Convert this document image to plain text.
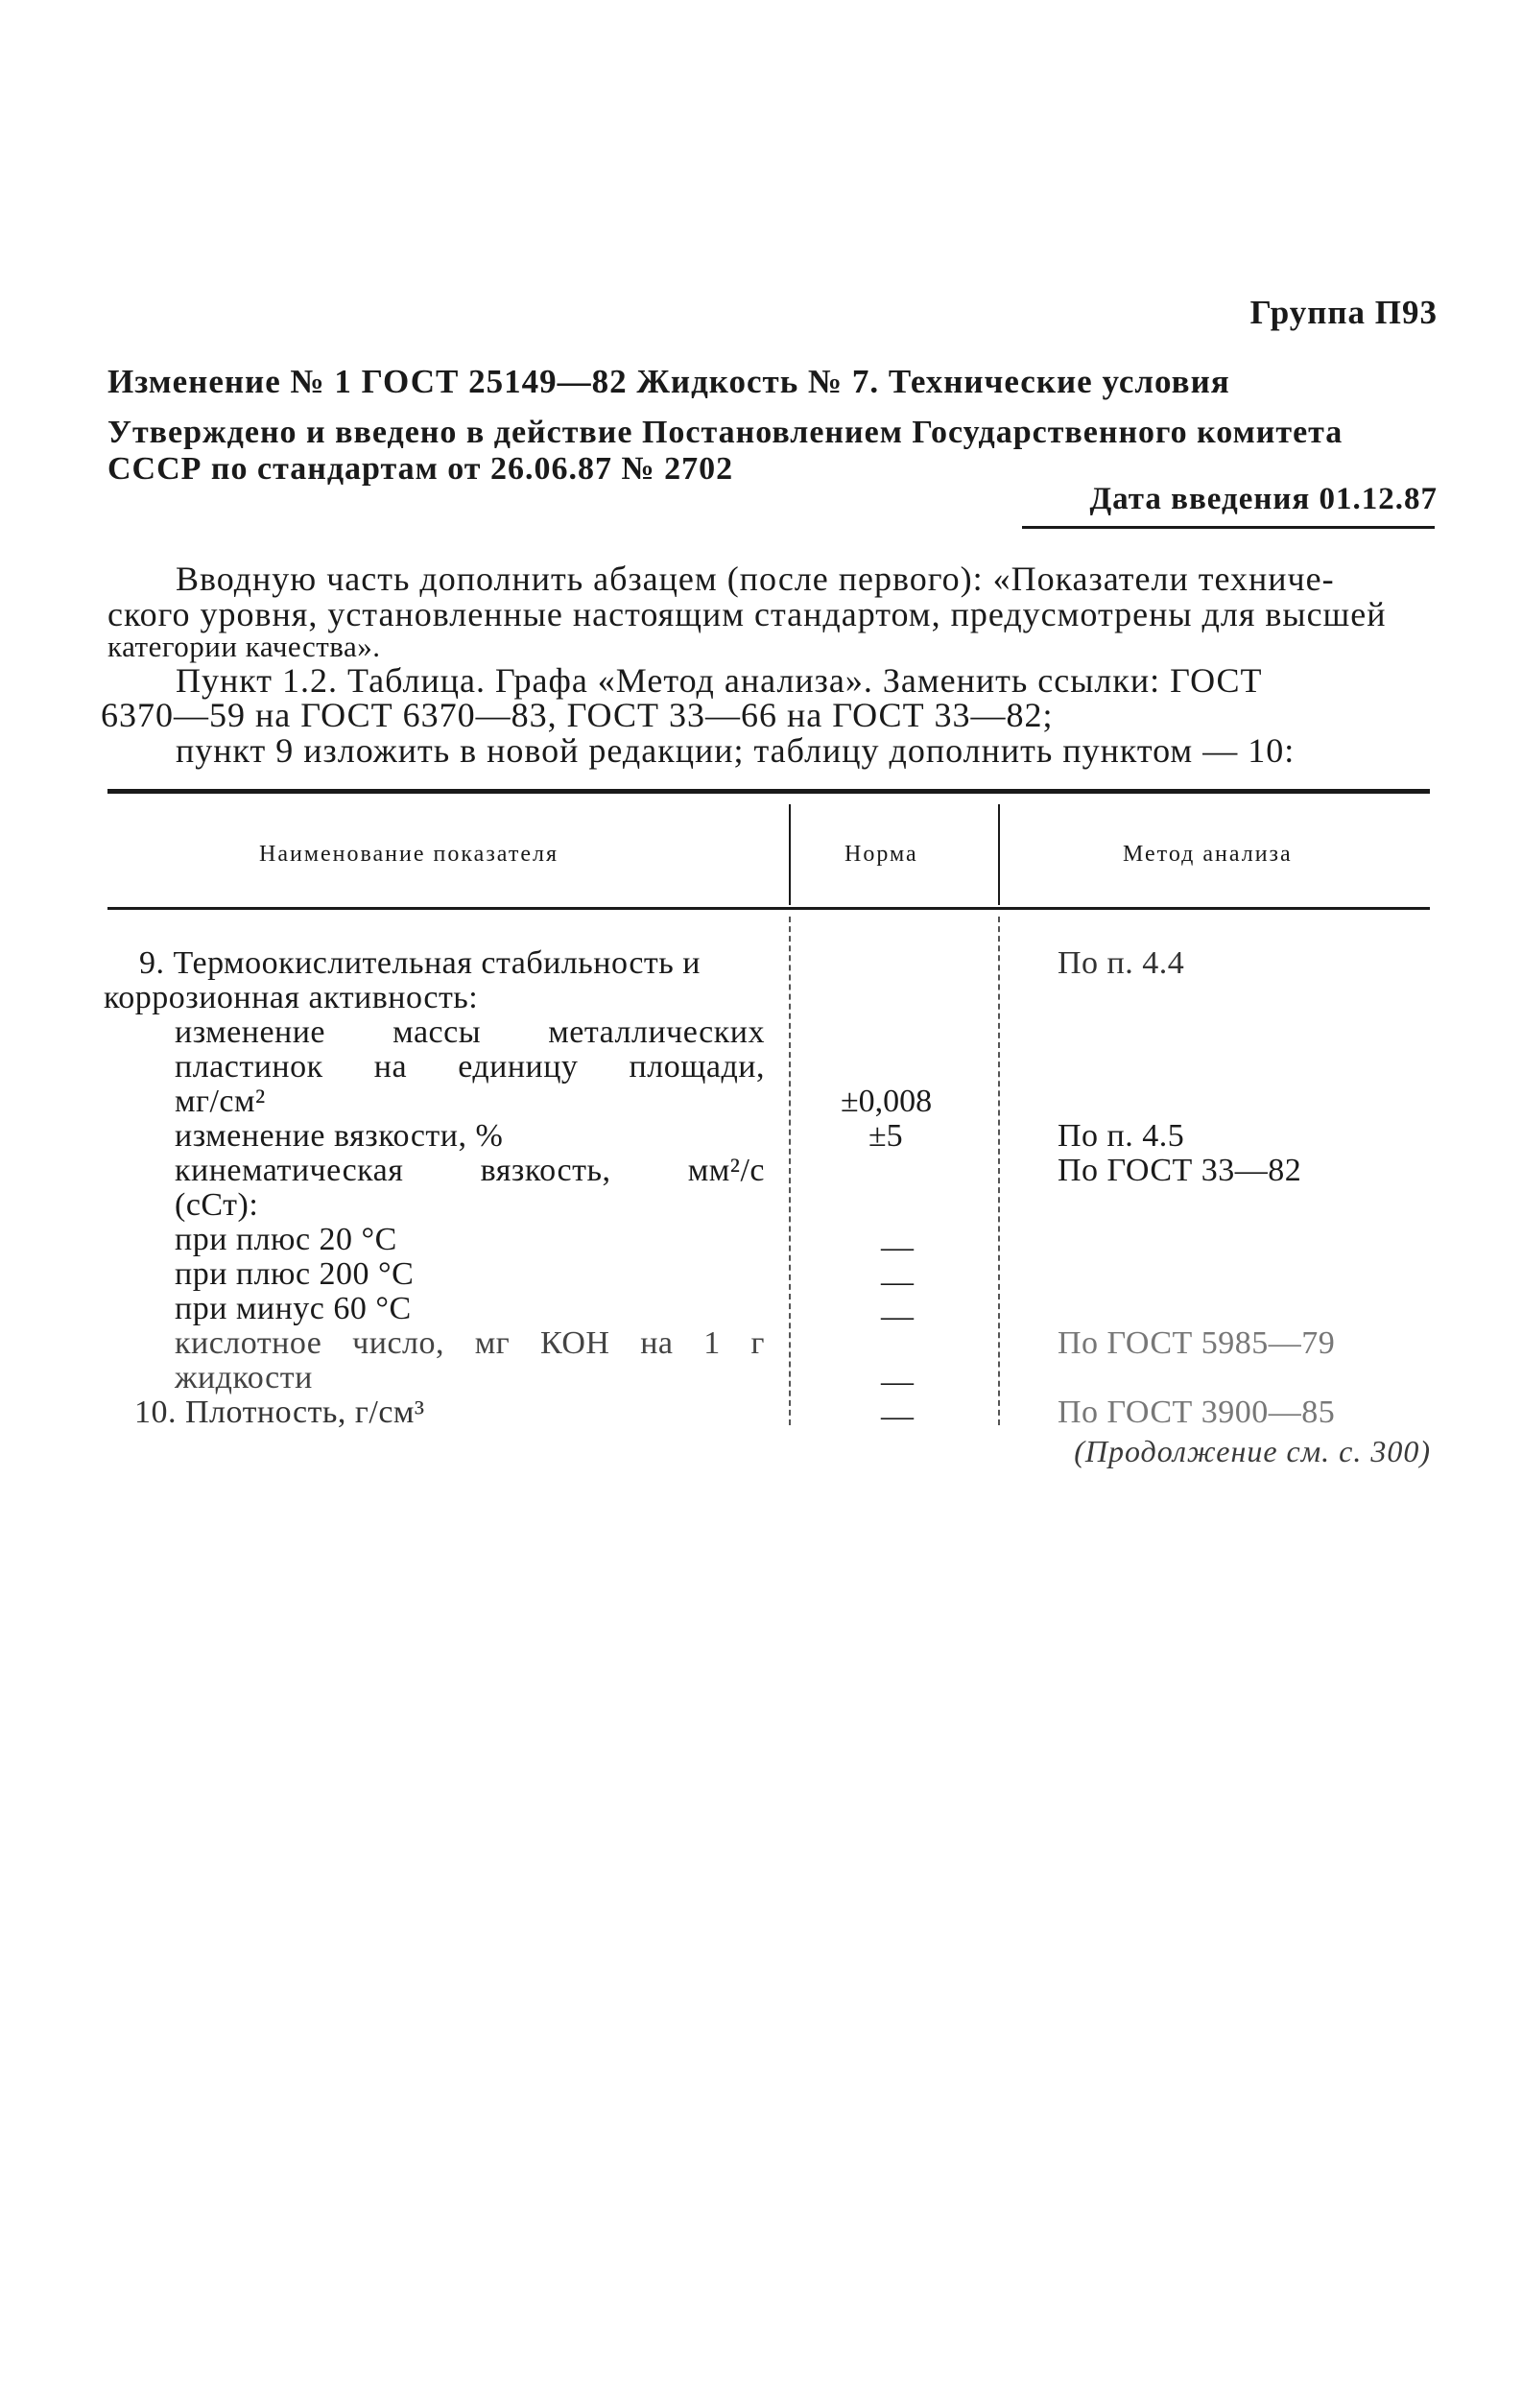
Группа П93
Изменение № 1 ГОСТ 25149—82 Жидкость № 7. Технические условия
Утверждено и введено в действие Постановлением Государственного комитета
СССР по стандартам от 26.06.87 № 2702
Дата введения 01.12.87
Вводную часть дополнить абзацем (после первого): «Показатели техниче-
ского уровня, установленные настоящим стандартом, предусмотрены для высшей
категории качества».
Пункт 1.2. Таблица. Графа «Метод анализа». Заменить ссылки: ГОСТ
6370—59 на ГОСТ 6370—83, ГОСТ 33—66 на ГОСТ 33—82;
пункт 9 изложить в новой редакции; таблицу дополнить пунктом — 10:
Наименование показателя	Норма	Метод анализа
9. Термоокислительная стабильность и
коррозионная активность:
изменение массы металлических
пластинок на единицу площади,
мг/см²
изменение вязкости, %
кинематическая вязкость, мм²/с
(сСт):
при плюс 20 °С
при плюс 200 °С
при минус 60 °С
кислотное число, мг КОН на 1 г
жидкости
10. Плотность, г/см³
±0,008
±5
—
—
—
—
—
По п. 4.4
По п. 4.5
По ГОСТ 33—82
По ГОСТ 5985—79
По ГОСТ 3900—85
(Продолжение см. с. 300)
